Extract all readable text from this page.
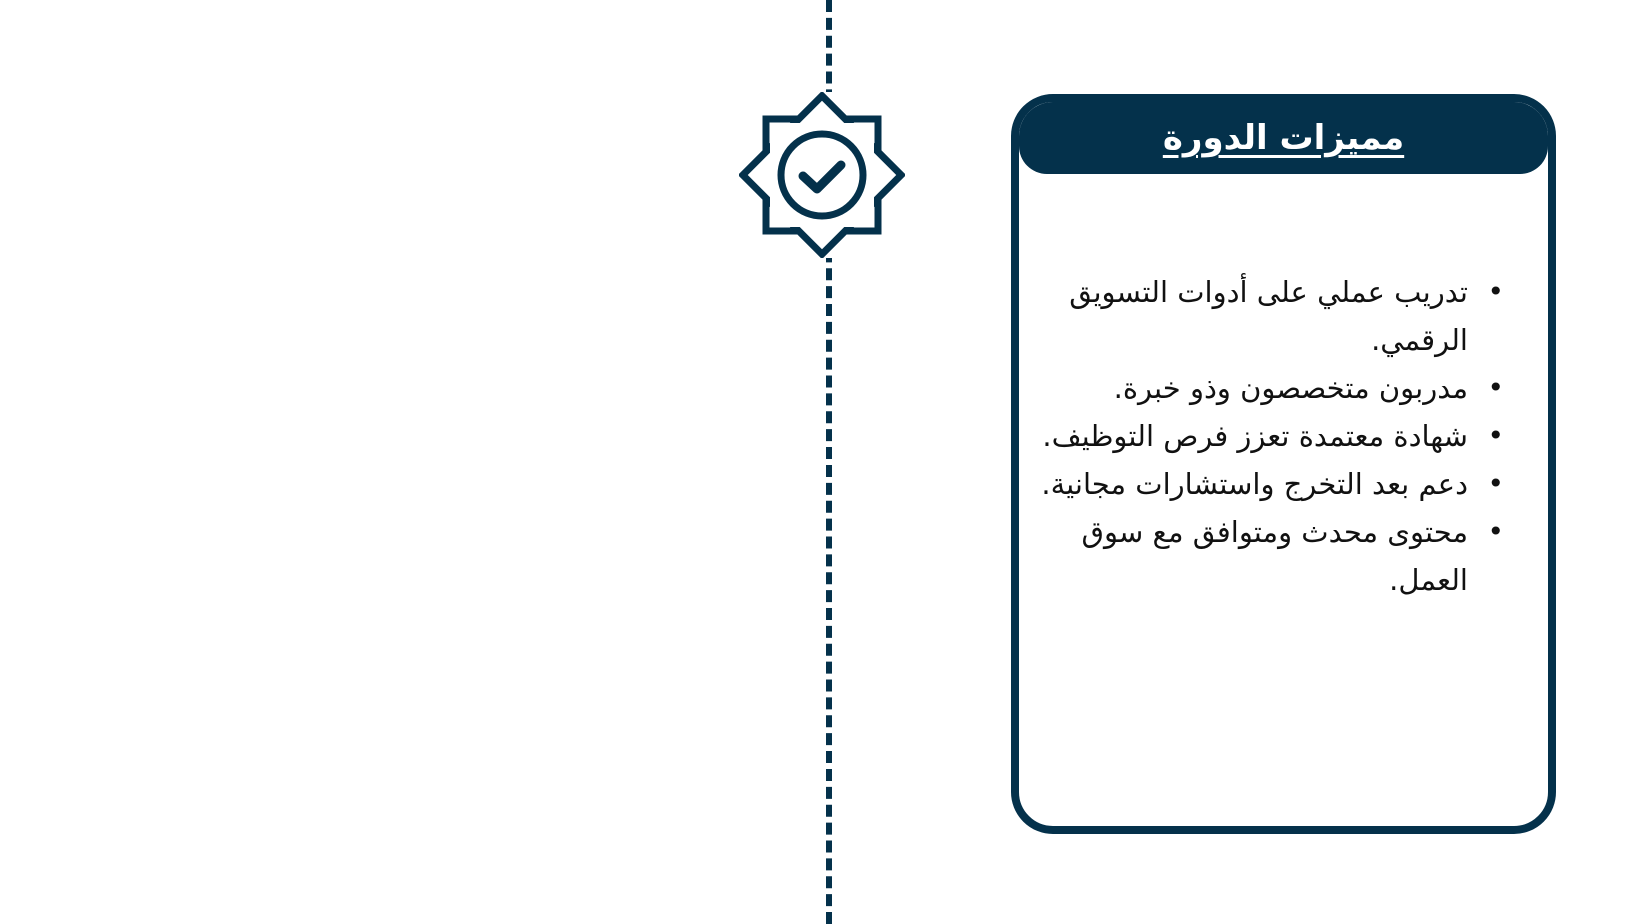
مميزات الدورة
• تدريب عملي على أدوات التسويق الرقمي.
• مدربون متخصصون وذو خبرة.
• شهادة معتمدة تعزز فرص التوظيف.
• دعم بعد التخرج واستشارات مجانية.
• محتوى محدث ومتوافق مع سوق العمل.
